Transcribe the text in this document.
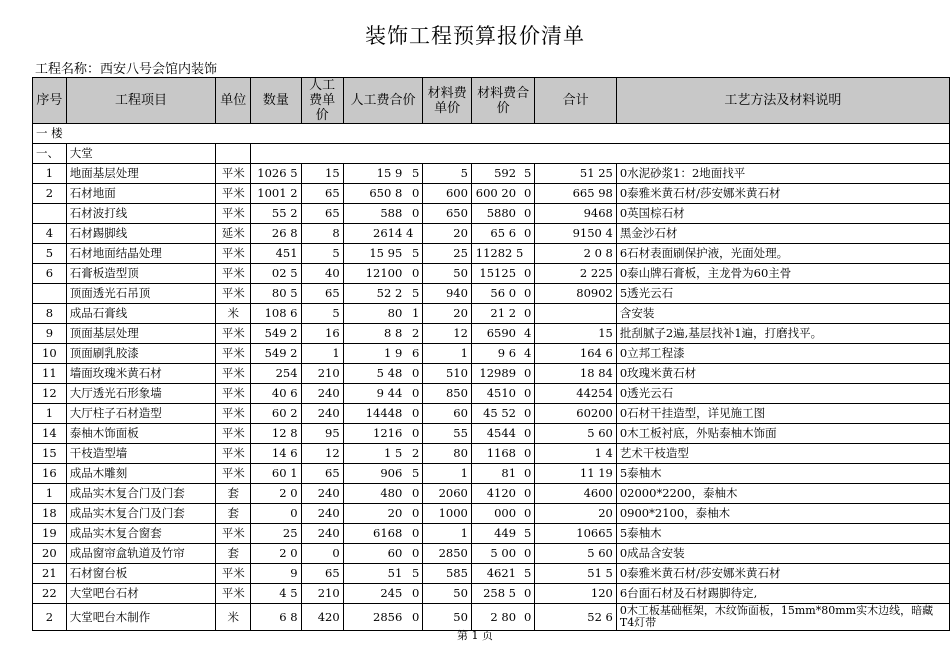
装饰工程预算报价清单
工程名称：西安八号会馆内装饰
序号	工程项目	单位	数量	人工费单价	人工费合价	材料费单价	材料费合价	合计	工艺方法及材料说明
一 楼									
一、	大堂								
1	地面基层处理	平米	1026 5	15	15 9 5	5	592 5	51 25	0水泥砂浆1：2地面找平
2	石材地面	平米	1001 2	65	650 8 0	600	600 20 0	665 98	0泰雅米黄石材/莎安娜米黄石材
	石材波打线	平米	55 2	65	588 0	650	5880 0	9468	0英国棕石材
4	石材踢脚线	延米	26 8	8	2614 4	20	65 6 0	9150 4	黑金沙石材
5	石材地面结晶处理	平米	451	5	15 95 5	25	11282 5	2 0 8	6石材表面刷保护液，光面处理。
6	石膏板造型顶	平米	02 5	40	12100 0	50	15125 0	2 225	0泰山牌石膏板，主龙骨为60主骨
	顶面透光石吊顶	平米	80 5	65	52 2 5	940	56 0 0	80902	5透光云石
8	成品石膏线	米	108 6	5	80 1	20	21 2 0		含安装
9	顶面基层处理	平米	549 2	16	8 8 2	12	6590 4	15	批刮腻子2遍,基层找补1遍，打磨找平。
10	顶面刷乳胶漆	平米	549 2	1	1 9 6	1	9 6 4	164 6	0立邦工程漆
11	墙面玫瑰米黄石材	平米	254	210	5 48 0	510	12989 0	18 84	0玫瑰米黄石材
12	大厅透光石形象墙	平米	40 6	240	9 44 0	850	4510 0	44254	0透光云石
1	大厅柱子石材造型	平米	60 2	240	14448 0	60	45 52 0	60200	0石材干挂造型，详见施工图
14	泰柚木饰面板	平米	12 8	95	1216 0	55	4544 0	5 60	0木工板衬底，外贴泰柚木饰面
15	干枝造型墙	平米	14 6	12	1 5 2	80	1168 0	1 4	艺术干枝造型
16	成品木雕刻	平米	60 1	65	906 5	1	81 0	11 19	5泰柚木
1	成品实木复合门及门套	套	2 0	240	480 0	2060	4120 0	4600	02000*2200，泰柚木
18	成品实木复合门及门套	套	0	240	20 0	1000	000 0	20	0900*2100，泰柚木
19	成品实木复合窗套	平米	25	240	6168 0	1	449 5	10665	5泰柚木
20	成品窗帘盒轨道及竹帘	套	2 0	0	60 0	2850	5 00 0	5 60	0成品含安装
21	石材窗台板	平米	9	65	51 5	585	4621 5	51 5	0泰雅米黄石材/莎安娜米黄石材
22	大堂吧台石材	平米	4 5	210	245 0	50	258 5 0	120	6台面石材及石材踢脚待定,
2	大堂吧台木制作	米	6 8	420	2856 0	50	2 80 0	52 6	0木工板基础框架，木纹饰面板，15mm*80mm实木边线，暗藏T4灯带
第 1 页
